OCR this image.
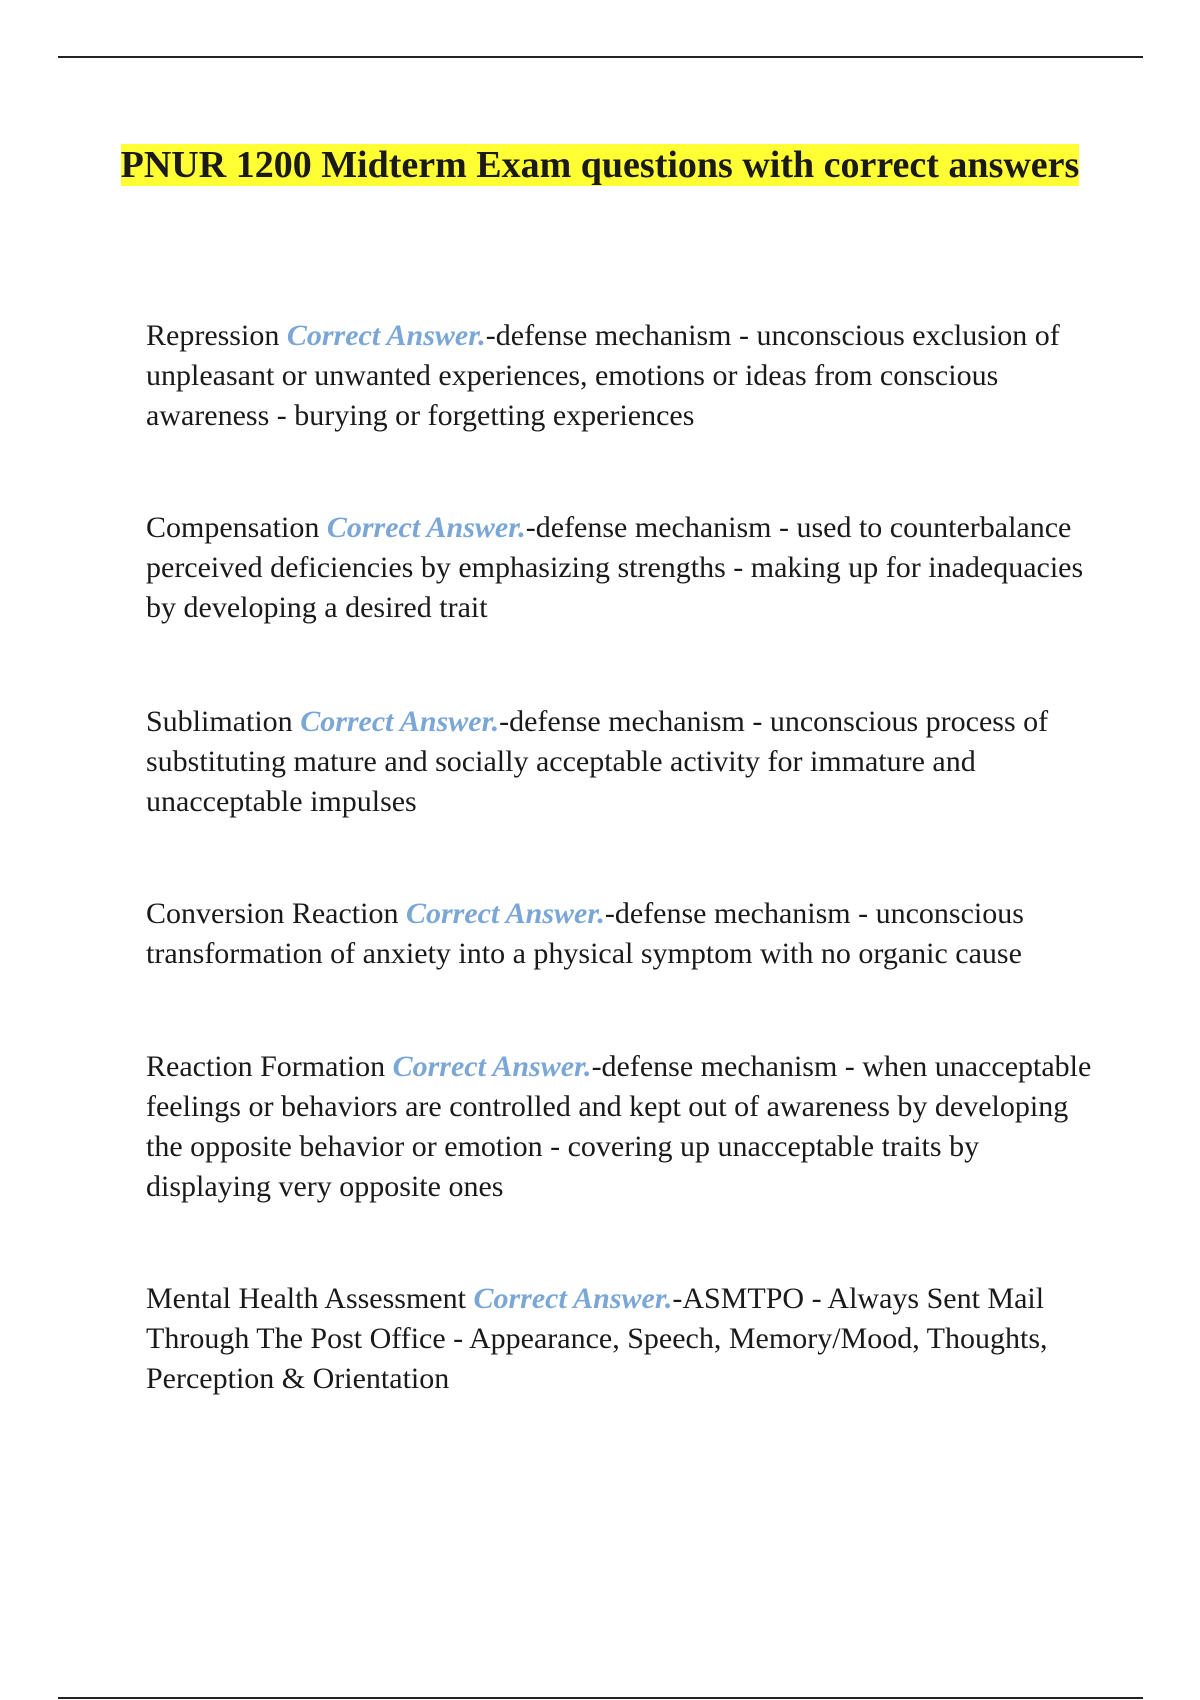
PNUR 1200 Midterm Exam questions with correct answers

Repression Correct Answer.-defense mechanism - unconscious exclusion of unpleasant or unwanted experiences, emotions or ideas from conscious awareness - burying or forgetting experiences

Compensation Correct Answer.-defense mechanism - used to counterbalance perceived deficiencies by emphasizing strengths - making up for inadequacies by developing a desired trait

Sublimation Correct Answer.-defense mechanism - unconscious process of substituting mature and socially acceptable activity for immature and unacceptable impulses

Conversion Reaction Correct Answer.-defense mechanism - unconscious transformation of anxiety into a physical symptom with no organic cause

Reaction Formation Correct Answer.-defense mechanism - when unacceptable feelings or behaviors are controlled and kept out of awareness by developing the opposite behavior or emotion - covering up unacceptable traits by displaying very opposite ones

Mental Health Assessment Correct Answer.-ASMTPO - Always Sent Mail Through The Post Office - Appearance, Speech, Memory/Mood, Thoughts, Perception & Orientation
